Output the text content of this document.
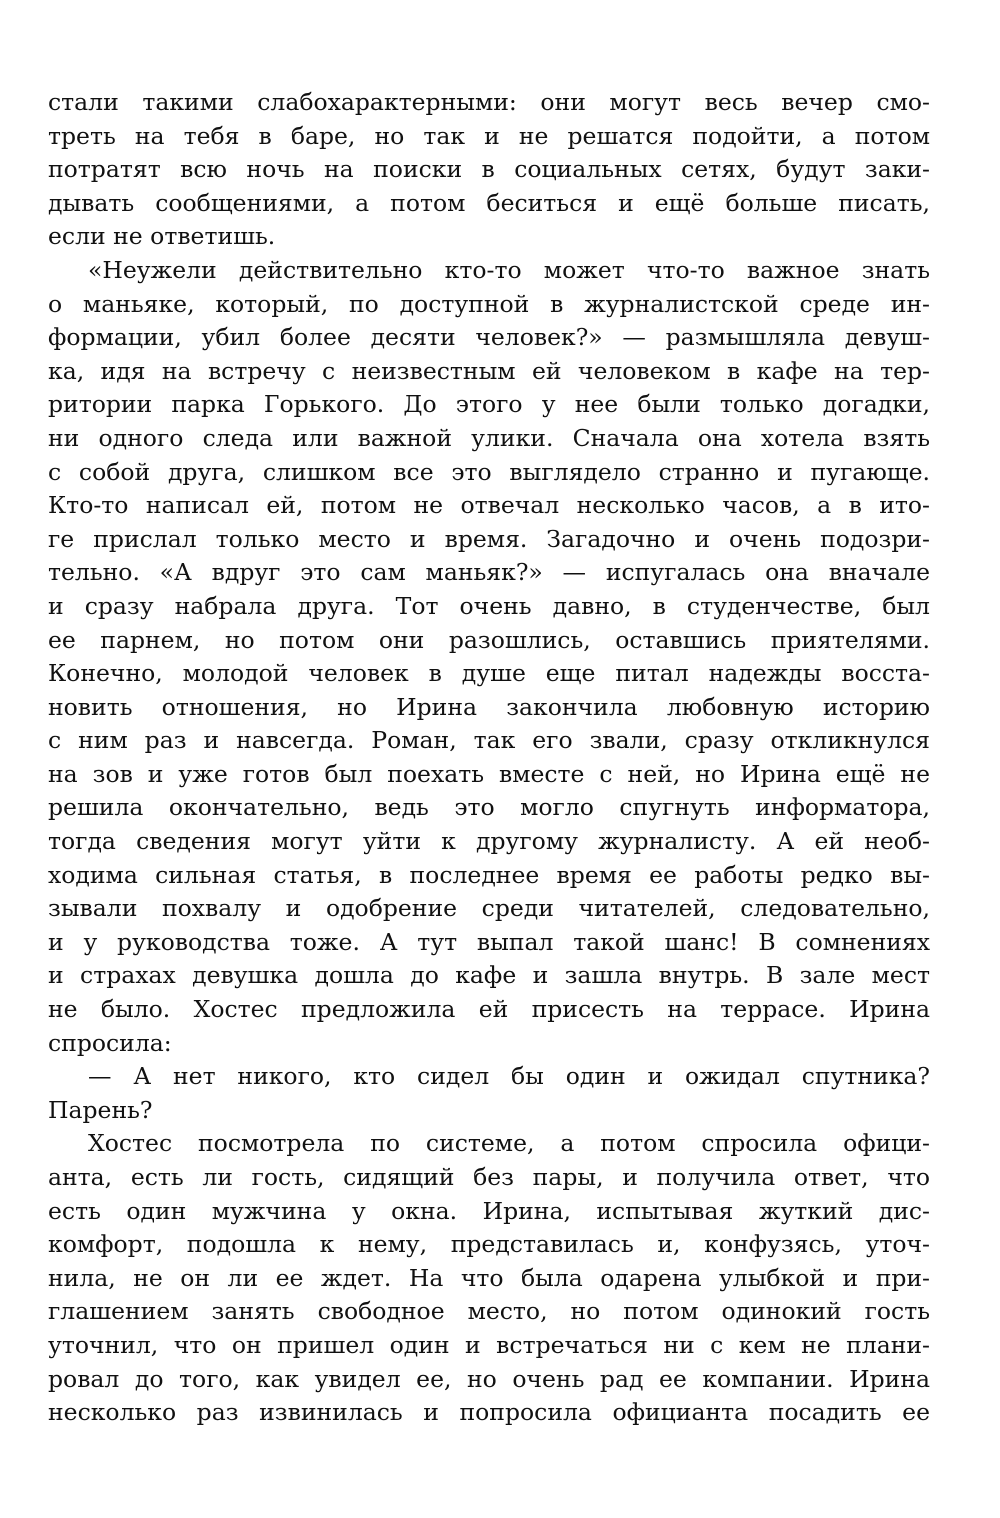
стали такими слабохарактерными: они могут весь вечер смо-
треть на тебя в баре, но так и не решатся подойти, а потом
потратят всю ночь на поиски в социальных сетях, будут заки-
дывать сообщениями, а потом беситься и ещё больше писать,
если не ответишь.
«Неужели действительно кто-то может что-то важное знать
о маньяке, который, по доступной в журналистской среде ин-
формации, убил более десяти человек?» — размышляла девуш-
ка, идя на встречу с неизвестным ей человеком в кафе на тер-
ритории парка Горького. До этого у нее были только догадки,
ни одного следа или важной улики. Сначала она хотела взять
с собой друга, слишком все это выглядело странно и пугающе.
Кто-то написал ей, потом не отвечал несколько часов, а в ито-
ге прислал только место и время. Загадочно и очень подозри-
тельно. «А вдруг это сам маньяк?» — испугалась она вначале
и сразу набрала друга. Тот очень давно, в студенчестве, был
ее парнем, но потом они разошлись, оставшись приятелями.
Конечно, молодой человек в душе еще питал надежды восста-
новить отношения, но Ирина закончила любовную историю
с ним раз и навсегда. Роман, так его звали, сразу откликнулся
на зов и уже готов был поехать вместе с ней, но Ирина ещё не
решила окончательно, ведь это могло спугнуть информатора,
тогда сведения могут уйти к другому журналисту. А ей необ-
ходима сильная статья, в последнее время ее работы редко вы-
зывали похвалу и одобрение среди читателей, следовательно,
и у руководства тоже. А тут выпал такой шанс! В сомнениях
и страхах девушка дошла до кафе и зашла внутрь. В зале мест
не было. Хостес предложила ей присесть на террасе. Ирина
спросила:
— А нет никого, кто сидел бы один и ожидал спутника?
Парень?
Хостес посмотрела по системе, а потом спросила офици-
анта, есть ли гость, сидящий без пары, и получила ответ, что
есть один мужчина у окна. Ирина, испытывая жуткий дис-
комфорт, подошла к нему, представилась и, конфузясь, уточ-
нила, не он ли ее ждет. На что была одарена улыбкой и при-
глашением занять свободное место, но потом одинокий гость
уточнил, что он пришел один и встречаться ни с кем не плани-
ровал до того, как увидел ее, но очень рад ее компании. Ирина
несколько раз извинилась и попросила официанта посадить ее
